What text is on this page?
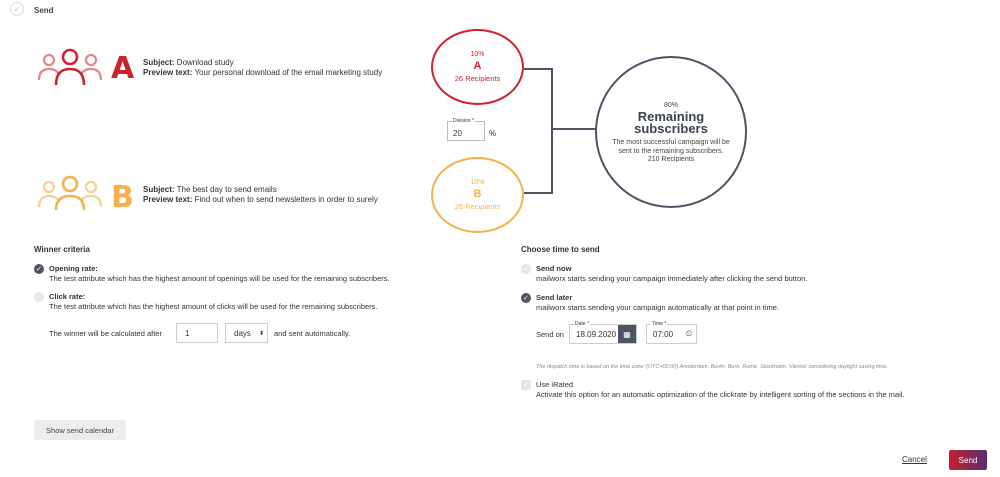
✓	Send
A Subject: Download study
Preview text: Your personal download of the email marketing study
B Subject: The best day to send emails
Preview text: Find out when to send newsletters in order to surely
10%
A
26 Recipients
Division *
20	%
10%
B
26 Recipients
80%
Remaining
subscribers
The most successful campaign will be sent to the remaining subscribers.
210 Recipients
Winner criteria
✓ Opening rate:
The test attribute which has the highest amount of openings will be used for the remaining subscribers.
✓ Click rate:
The test attribute which has the highest amount of clicks will be used for the remaining subscribers.
The winner will be calculated after	1	days ⬍ and sent automatically.
Choose time to send
✓ Send now
mailworx starts sending your campaign immediately after clicking the send button.
✓ Send later
mailworx starts sending your campaign automatically at that point in time.
Send on 18.09.2020 ▦
Date *
07:00 ⏲
Time *
The dispatch time is based on the time zone '(UTC+02:00) Amsterdam, Berlin, Bern, Rome, Stockholm, Vienna' considering daylight saving time.
✓ Use iRated
Activate this option for an automatic optimization of the clickrate by intelligent sorting of the sections in the mail.
Show send calendar
Cancel	Send
